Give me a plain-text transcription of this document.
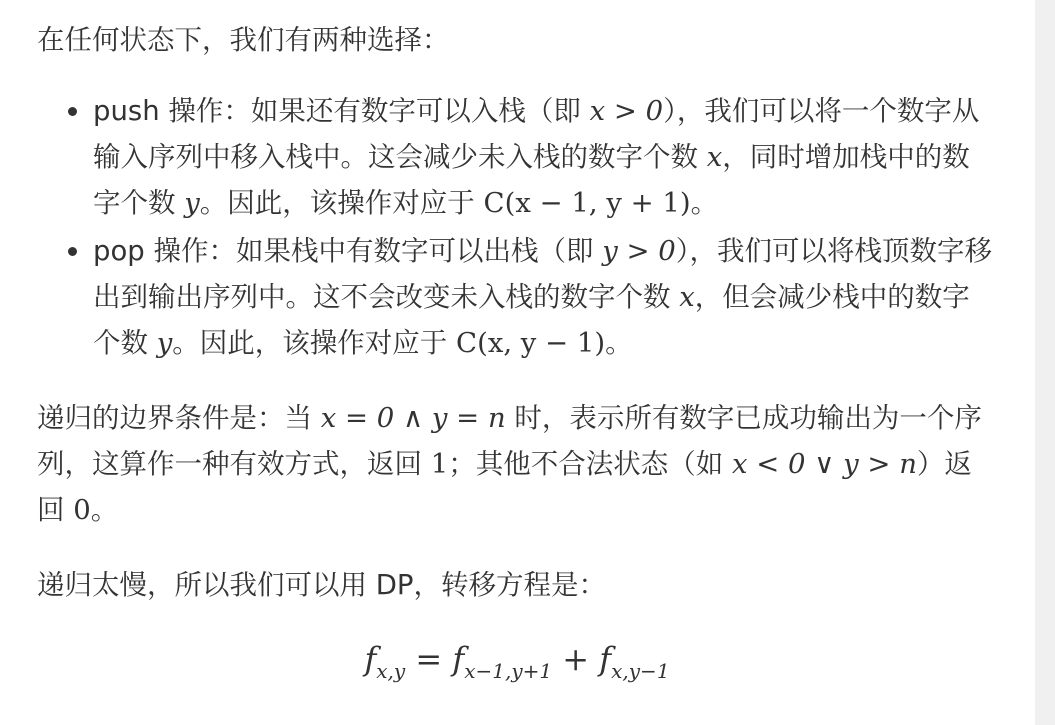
在任何状态下，我们有两种选择：

push 操作：如果还有数字可以入栈（即 x > 0），我们可以将一个数字从输入序列中移入栈中。这会减少未入栈的数字个数 x，同时增加栈中的数字个数 y。因此，该操作对应于 C(x − 1, y + 1)。
pop 操作：如果栈中有数字可以出栈（即 y > 0），我们可以将栈顶数字移出到输出序列中。这不会改变未入栈的数字个数 x，但会减少栈中的数字个数 y。因此，该操作对应于 C(x, y − 1)。

递归的边界条件是：当 x = 0 ∧ y = n 时，表示所有数字已成功输出为一个序列，这算作一种有效方式，返回 1；其他不合法状态（如 x < 0 ∨ y > n）返回 0。

递归太慢，所以我们可以用 DP，转移方程是：

$f_{x,y} = f_{x-1,y+1} + f_{x,y-1}$
